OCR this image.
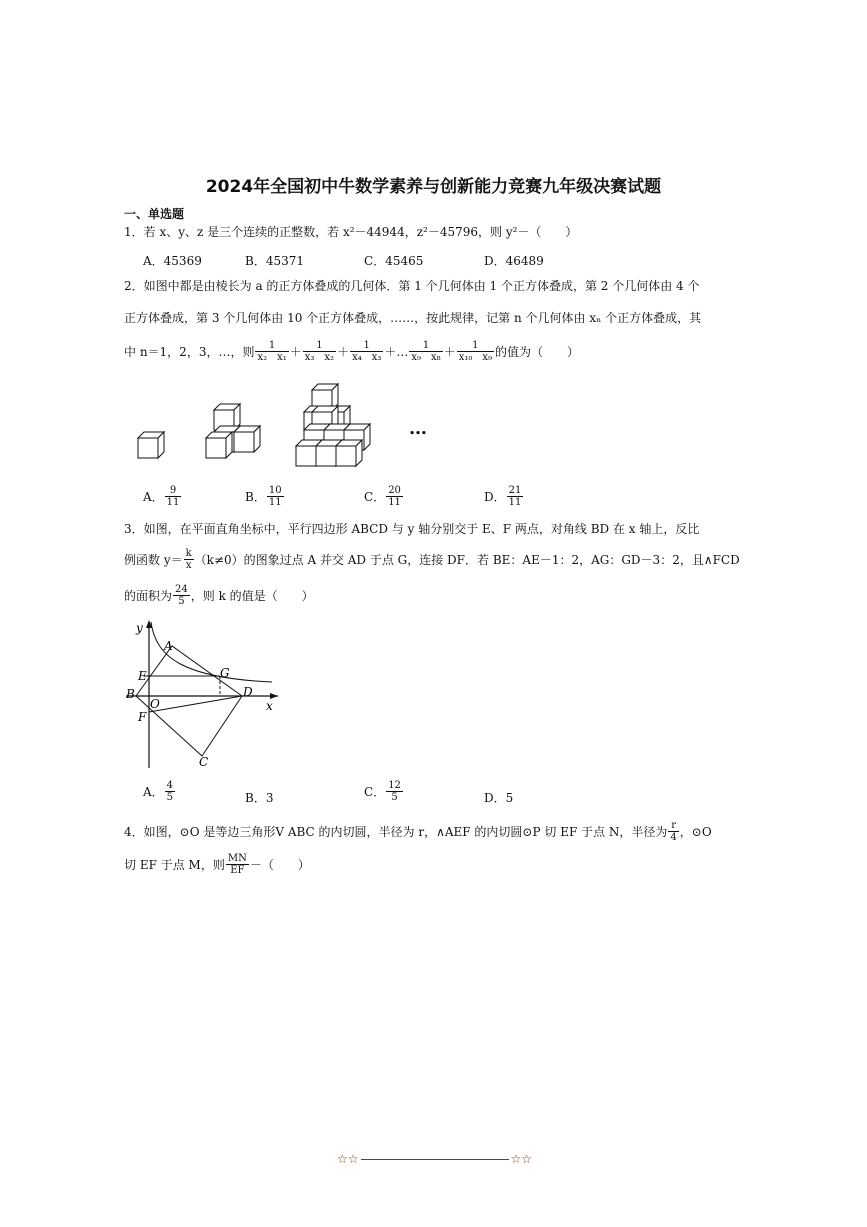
2024年全国初中牛数学素养与创新能力竞赛九年级决赛试题
一、单选题
1．若 x、y、z 是三个连续的正整数，若 x²－44944，z²－45796，则 y²－（　　）
A．45369	B．45371	C．45465	D．46489
2．如图中都是由棱长为 a 的正方体叠成的几何体．第 1 个几何体由 1 个正方体叠成，第 2 个几何体由 4 个
正方体叠成，第 3 个几何体由 10 个正方体叠成，……，按此规律，记第 n 个几何体由 xₙ 个正方体叠成，其
中 n＝1，2，3，…，则 $\frac{1}{\text{x₂　x₁}} + \frac{1}{\text{x₃　x₂}} + \frac{1}{\text{x₄　x₃}}$ ＋… $\frac{1}{\text{x₉　x₈}} + \frac{1}{\text{x₁₀　x₉}}$ 的值为（　　）
…
A． $\frac{9}{11}$	B． $\frac{10}{11}$	C． $\frac{20}{11}$	D． $\frac{21}{11}$
3．如图，在平面直角坐标中，平行四边形 ABCD 与 y 轴分别交于 E、F 两点，对角线 BD 在 x 轴上，反比
例函数 $y= \frac{k}{x} (k\ne 0)$的图象过点 A 并交 AD 于点 G，连接 DF．若 BE：AE－1：2，AG：GD－3：2，且∧FCD
的面积为 $\frac{24}{5}$ ，则 k 的值是（　　）
y
x
A
E	G
B	D
O
F
C
A． $\frac{4}{5}$	B．3	C． $\frac{12}{5}$	D．5
4． 如图，⊙O 是等边三角形V ABC 的内切圆，半径为 r，∧AEF 的内切圆⊙P 切 EF 于点 N，半径为 $\frac{r}{4}$ ，⊙O
切 EF 于点 M，则 $\frac{MN}{EF}$ －（　　）
☆☆	☆☆
